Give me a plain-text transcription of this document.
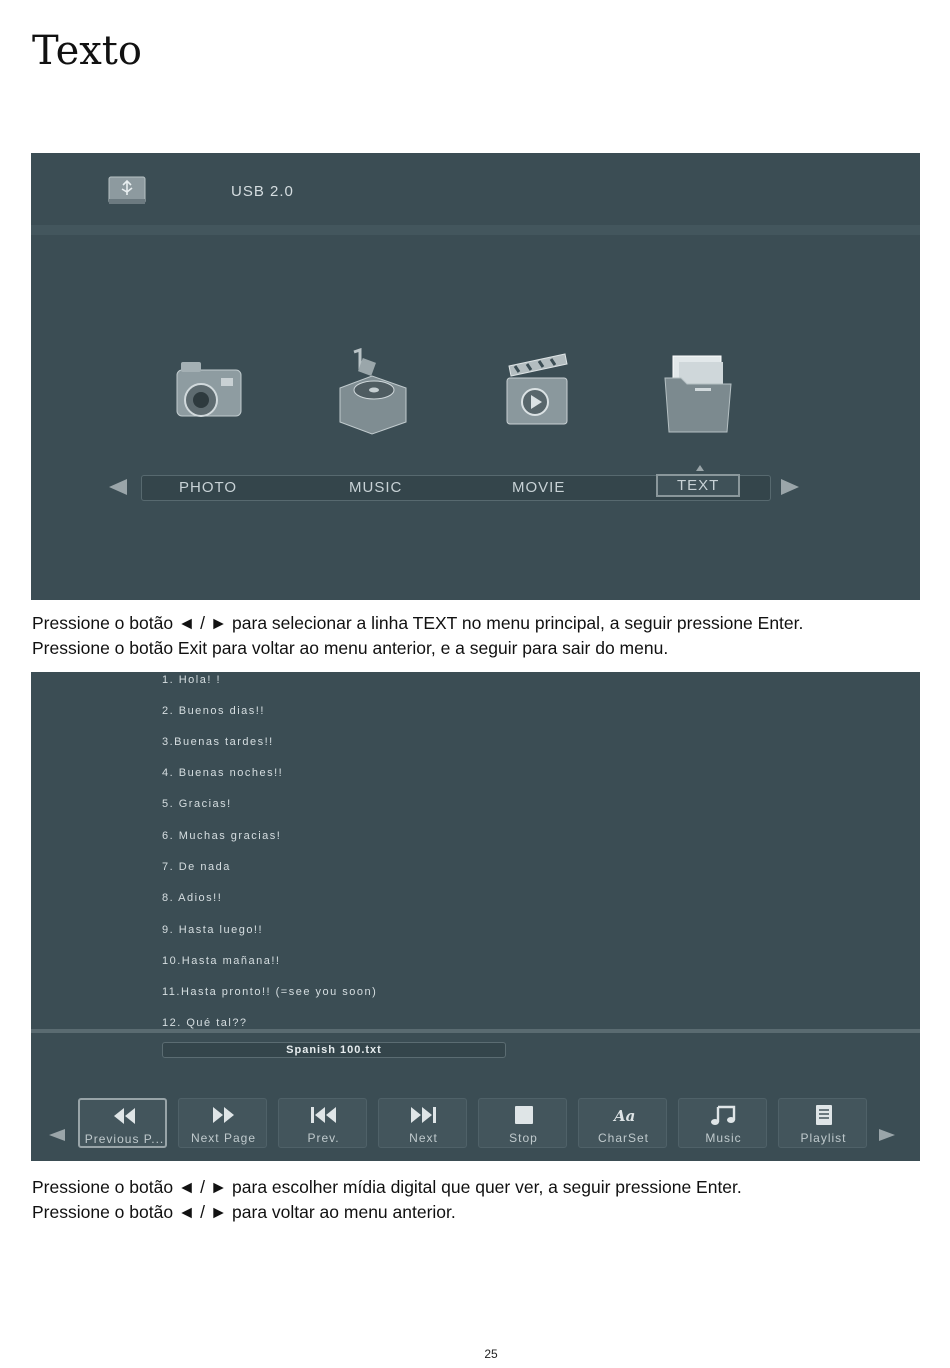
Texto
USB 2.0
PHOTO	MUSIC	MOVIE	TEXT

Pressione o botão ◄ / ► para selecionar a linha TEXT no menu principal, a seguir pressione Enter.

Pressione o botão Exit para voltar ao menu anterior, e a seguir para sair do menu.

1. Hola! !
2. Buenos dias!!
3.Buenas tardes!!
4. Buenas noches!!
5. Gracias!
6. Muchas gracias!
7. De nada
8. Adios!!
9. Hasta luego!!
10.Hasta mañana!!
11.Hasta pronto!! (=see you soon)
12. Qué tal??
Spanish 100.txt
Previous P...	Next Page	Prev.	Next	Stop
Aa
CharSet	Music	Playlist

Pressione o botão ◄ / ► para escolher mídia digital que quer ver, a seguir pressione Enter.

Pressione o botão ◄ / ► para voltar ao menu anterior.

25
